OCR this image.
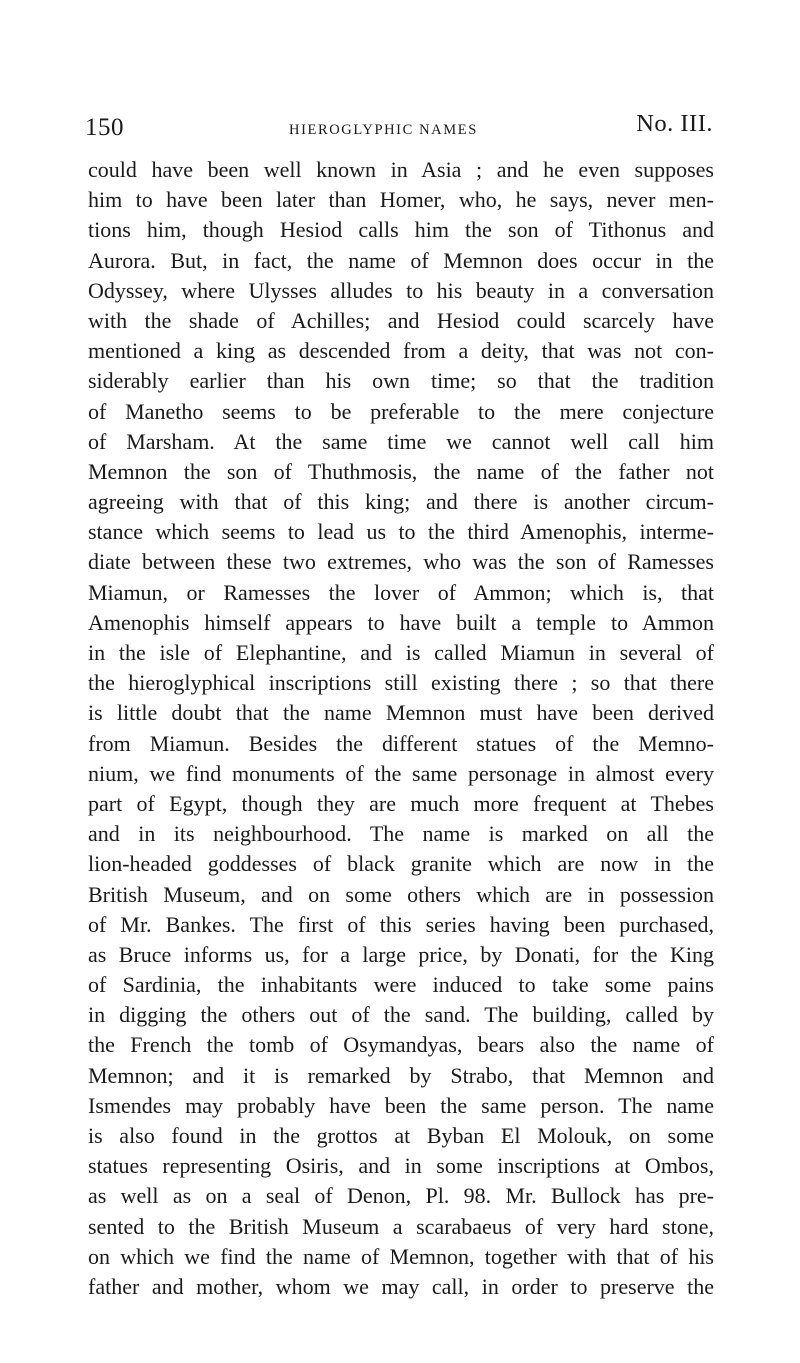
150	HIEROGLYPHIC NAMES	No. III.
could have been well known in Asia ; and he even supposes
him to have been later than Homer, who, he says, never men-
tions him, though Hesiod calls him the son of Tithonus and
Aurora. But, in fact, the name of Memnon does occur in the
Odyssey, where Ulysses alludes to his beauty in a conversation
with the shade of Achilles; and Hesiod could scarcely have
mentioned a king as descended from a deity, that was not con-
siderably earlier than his own time; so that the tradition
of Manetho seems to be preferable to the mere conjecture
of Marsham. At the same time we cannot well call him
Memnon the son of Thuthmosis, the name of the father not
agreeing with that of this king; and there is another circum-
stance which seems to lead us to the third Amenophis, interme-
diate between these two extremes, who was the son of Ramesses
Miamun, or Ramesses the lover of Ammon; which is, that
Amenophis himself appears to have built a temple to Ammon
in the isle of Elephantine, and is called Miamun in several of
the hieroglyphical inscriptions still existing there ; so that there
is little doubt that the name Memnon must have been derived
from Miamun. Besides the different statues of the Memno-
nium, we find monuments of the same personage in almost every
part of Egypt, though they are much more frequent at Thebes
and in its neighbourhood. The name is marked on all the
lion-headed goddesses of black granite which are now in the
British Museum, and on some others which are in possession
of Mr. Bankes. The first of this series having been purchased,
as Bruce informs us, for a large price, by Donati, for the King
of Sardinia, the inhabitants were induced to take some pains
in digging the others out of the sand. The building, called by
the French the tomb of Osymandyas, bears also the name of
Memnon; and it is remarked by Strabo, that Memnon and
Ismendes may probably have been the same person. The name
is also found in the grottos at Byban El Molouk, on some
statues representing Osiris, and in some inscriptions at Ombos,
as well as on a seal of Denon, Pl. 98. Mr. Bullock has pre-
sented to the British Museum a scarabaeus of very hard stone,
on which we find the name of Memnon, together with that of his
father and mother, whom we may call, in order to preserve the
